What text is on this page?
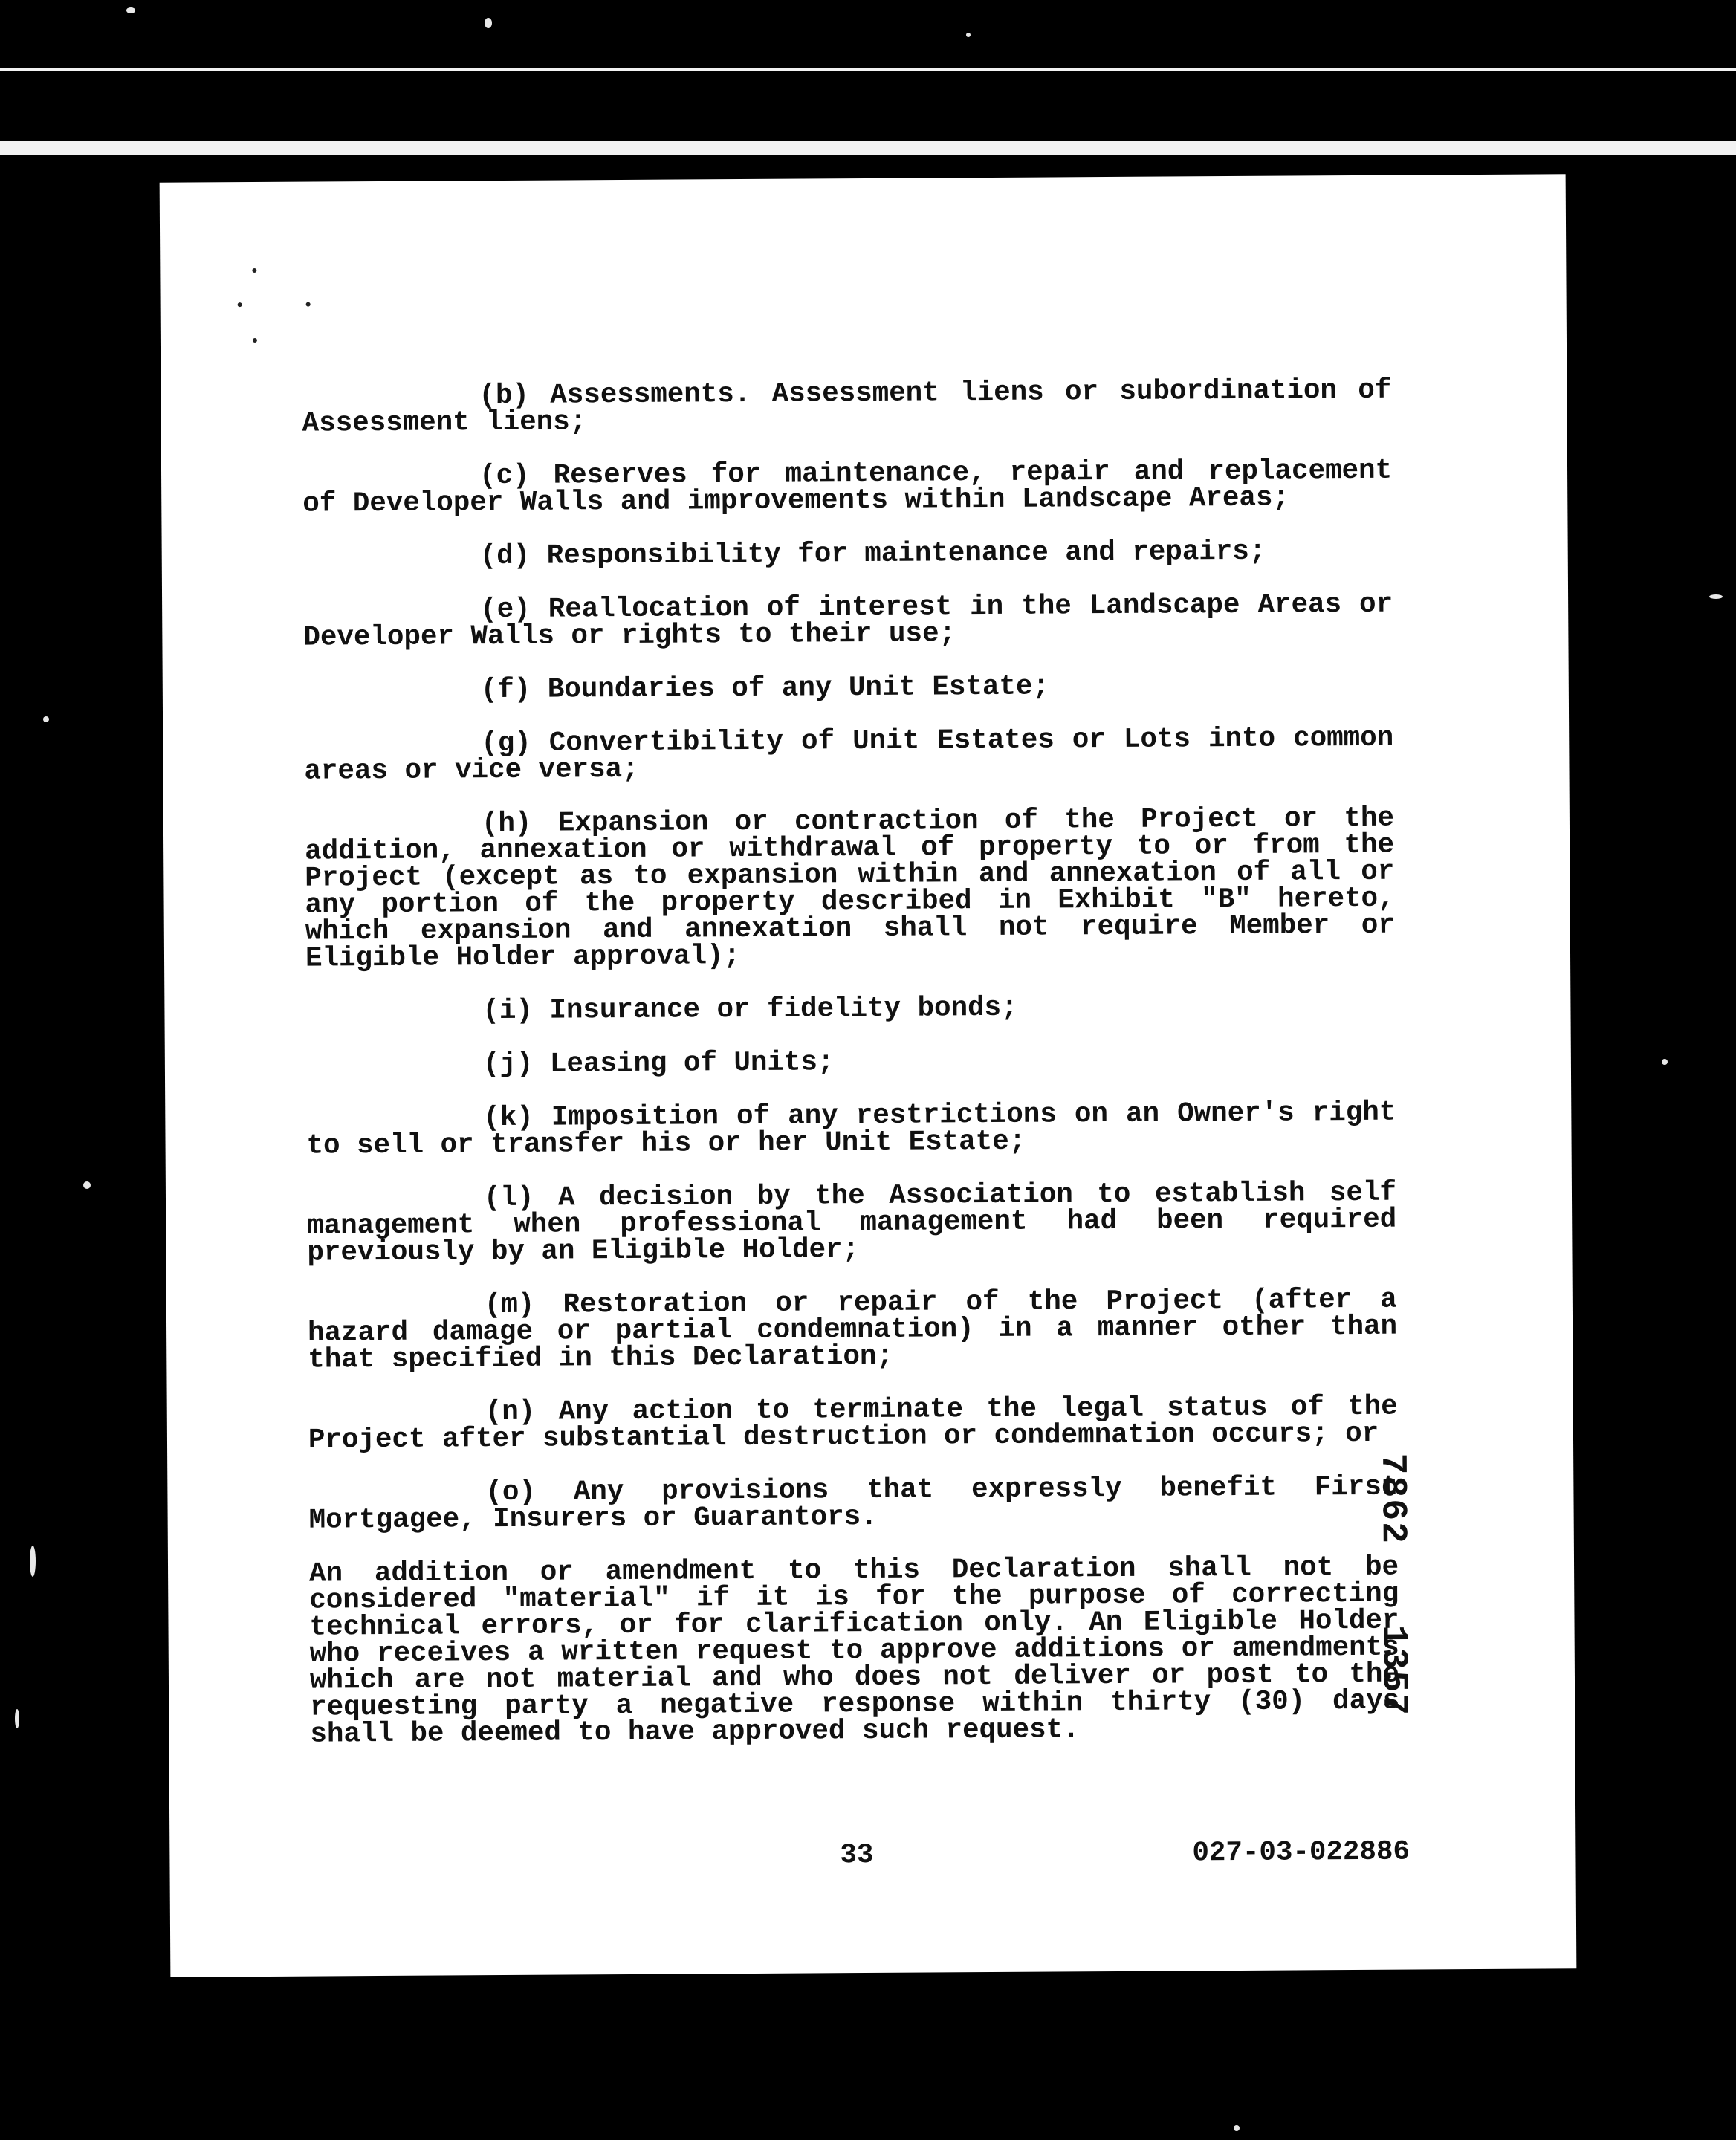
(b) Assessments. Assessment liens or subordination of Assessment liens;

(c) Reserves for maintenance, repair and replacement of Developer Walls and improvements within Landscape Areas;

(d) Responsibility for maintenance and repairs;

(e) Reallocation of interest in the Landscape Areas or Developer Walls or rights to their use;

(f) Boundaries of any Unit Estate;

(g) Convertibility of Unit Estates or Lots into common areas or vice versa;

(h) Expansion or contraction of the Project or the addition, annexation or withdrawal of property to or from the Project (except as to expansion within and annexation of all or any portion of the property described in Exhibit "B" hereto, which expansion and annexation shall not require Member or Eligible Holder approval);

(i) Insurance or fidelity bonds;

(j) Leasing of Units;

(k) Imposition of any restrictions on an Owner's right to sell or transfer his or her Unit Estate;

(l) A decision by the Association to establish self management when professional management had been required previously by an Eligible Holder;

(m) Restoration or repair of the Project (after a hazard damage or partial condemnation) in a manner other than that specified in this Declaration;

(n) Any action to terminate the legal status of the Project after substantial destruction or condemnation occurs; or

(o) Any provisions that expressly benefit First Mortgagee, Insurers or Guarantors.

An addition or amendment to this Declaration shall not be considered "material" if it is for the purpose of correcting technical errors, or for clarification only. An Eligible Holder who receives a written request to approve additions or amendments which are not material and who does not deliver or post to the requesting party a negative response within thirty (30) days shall be deemed to have approved such request.

33	027-03-022886
78621357
